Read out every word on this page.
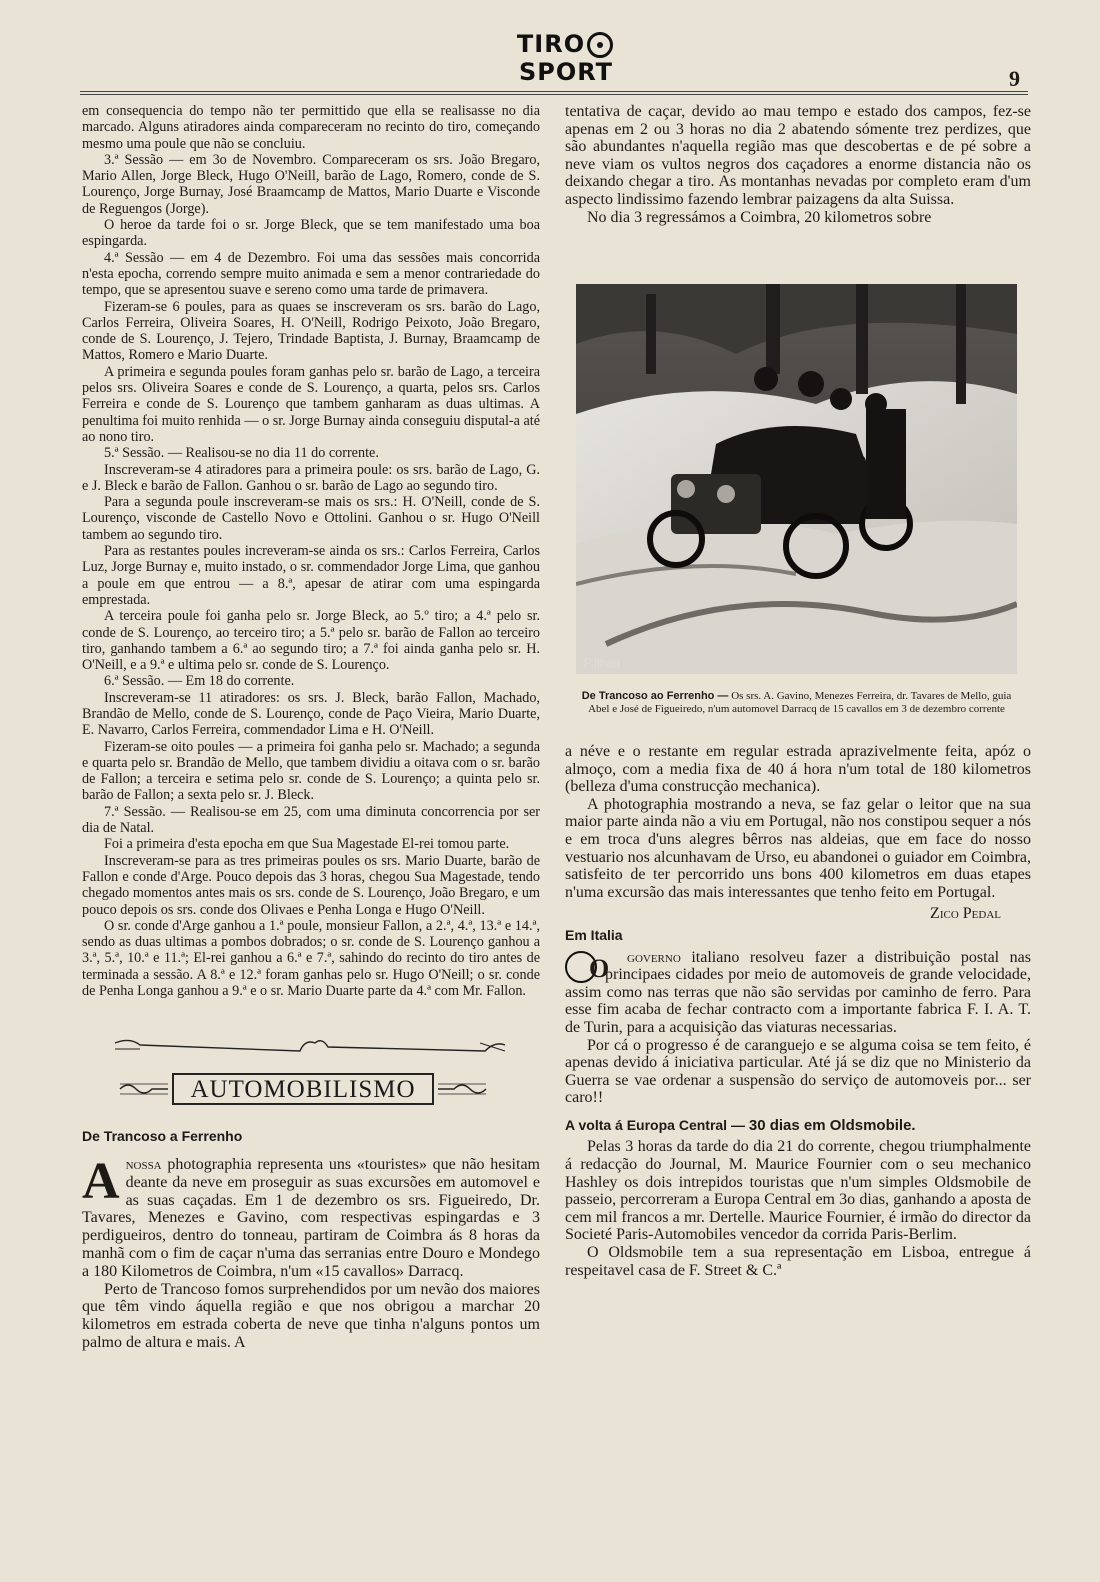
TIROSPORT	9

em consequencia do tempo não ter permittido que ella se realisasse no dia marcado. Alguns atiradores ainda compareceram no recinto do tiro, começando mesmo uma poule que não se concluiu.

3.ª Sessão — em 3o de Novembro. Compareceram os srs. João Bregaro, Mario Allen, Jorge Bleck, Hugo O'Neill, barão de Lago, Romero, conde de S. Lourenço, Jorge Burnay, José Braamcamp de Mattos, Mario Duarte e Visconde de Reguengos (Jorge).

O heroe da tarde foi o sr. Jorge Bleck, que se tem manifestado uma boa espingarda.

4.ª Sessão — em 4 de Dezembro. Foi uma das sessões mais concorrida n'esta epocha, correndo sempre muito animada e sem a menor contrariedade do tempo, que se apresentou suave e sereno como uma tarde de primavera.

Fizeram-se 6 poules, para as quaes se inscreveram os srs. barão do Lago, Carlos Ferreira, Oliveira Soares, H. O'Neill, Rodrigo Peixoto, João Bregaro, conde de S. Lourenço, J. Tejero, Trindade Baptista, J. Burnay, Braamcamp de Mattos, Romero e Mario Duarte.

A primeira e segunda poules foram ganhas pelo sr. barão de Lago, a terceira pelos srs. Oliveira Soares e conde de S. Lourenço, a quarta, pelos srs. Carlos Ferreira e conde de S. Lourenço que tambem ganharam as duas ultimas. A penultima foi muito renhida — o sr. Jorge Burnay ainda conseguiu disputal-a até ao nono tiro.

5.ª Sessão. — Realisou-se no dia 11 do corrente.

Inscreveram-se 4 atiradores para a primeira poule: os srs. barão de Lago, G. e J. Bleck e barão de Fallon. Ganhou o sr. barão de Lago ao segundo tiro.

Para a segunda poule inscreveram-se mais os srs.: H. O'Neill, conde de S. Lourenço, visconde de Castello Novo e Ottolini. Ganhou o sr. Hugo O'Neill tambem ao segundo tiro.

Para as restantes poules increveram-se ainda os srs.: Carlos Ferreira, Carlos Luz, Jorge Burnay e, muito instado, o sr. commendador Jorge Lima, que ganhou a poule em que entrou — a 8.ª, apesar de atirar com uma espingarda emprestada.

A terceira poule foi ganha pelo sr. Jorge Bleck, ao 5.º tiro; a 4.ª pelo sr. conde de S. Lourenço, ao terceiro tiro; a 5.ª pelo sr. barão de Fallon ao terceiro tiro, ganhando tambem a 6.ª ao segundo tiro; a 7.ª foi ainda ganha pelo sr. H. O'Neill, e a 9.ª e ultima pelo sr. conde de S. Lourenço.

6.ª Sessão. — Em 18 do corrente.

Inscreveram-se 11 atiradores: os srs. J. Bleck, barão Fallon, Machado, Brandão de Mello, conde de S. Lourenço, conde de Paço Vieira, Mario Duarte, E. Navarro, Carlos Ferreira, commendador Lima e H. O'Neill.

Fizeram-se oito poules — a primeira foi ganha pelo sr. Machado; a segunda e quarta pelo sr. Brandão de Mello, que tambem dividiu a oitava com o sr. barão de Fallon; a terceira e setima pelo sr. conde de S. Lourenço; a quinta pelo sr. barão de Fallon; a sexta pelo sr. J. Bleck.

7.ª Sessão. — Realisou-se em 25, com uma diminuta concorrencia por ser dia de Natal.

Foi a primeira d'esta epocha em que Sua Magestade El-rei tomou parte.

Inscreveram-se para as tres primeiras poules os srs. Mario Duarte, barão de Fallon e conde d'Arge. Pouco depois das 3 horas, chegou Sua Magestade, tendo chegado momentos antes mais os srs. conde de S. Lourenço, João Bregaro, e um pouco depois os srs. conde dos Olivaes e Penha Longa e Hugo O'Neill.

O sr. conde d'Arge ganhou a 1.ª poule, monsieur Fallon, a 2.ª, 4.ª, 13.ª e 14.ª, sendo as duas ultimas a pombos dobrados; o sr. conde de S. Lourenço ganhou a 3.ª, 5.ª, 10.ª e 11.ª; El-rei ganhou a 6.ª e 7.ª, sahindo do recinto do tiro antes de terminada a sessão. A 8.ª e 12.ª foram ganhas pelo sr. Hugo O'Neill; o sr. conde de Penha Longa ganhou a 9.ª e o sr. Mario Duarte parte da 4.ª com Mr. Fallon.

AUTOMOBILISMO
De Trancoso a Ferrenho

Anossa photographia representa uns «touristes» que não hesitam deante da neve em proseguir as suas excursões em automovel e as suas caçadas. Em 1 de dezembro os srs. Figueiredo, Dr. Tavares, Menezes e Gavino, com respectivas espingardas e 3 perdigueiros, dentro do tonneau, partiram de Coimbra ás 8 horas da manhã com o fim de caçar n'uma das serranias entre Douro e Mondego a 180 Kilometros de Coimbra, n'um «15 cavallos» Darracq.

Perto de Trancoso fomos surprehendidos por um nevão dos maiores que têm vindo áquella região e que nos obrigou a marchar 20 kilometros em estrada coberta de neve que tinha n'alguns pontos um palmo de altura e mais. A

tentativa de caçar, devido ao mau tempo e estado dos campos, fez-se apenas em 2 ou 3 horas no dia 2 abatendo sómente trez perdizes, que são abundantes n'aquella região mas que descobertas e de pé sobre a neve viam os vultos negros dos caçadores a enorme distancia não os deixando chegar a tiro. As montanhas nevadas por completo eram d'um aspecto lindissimo fazendo lembrar paizagens da alta Suissa.

No dia 3 regressámos a Coimbra, 20 kilometros sobre

P.Ilhan
De Trancoso ao Ferrenho — Os srs. A. Gavino, Menezes Ferreira, dr. Tavares de Mello, guia Abel e José de Figueiredo, n'um automovel Darracq de 15 cavallos em 3 de dezembro corrente

a néve e o restante em regular estrada aprazivelmente feita, apóz o almoço, com a media fixa de 40 á hora n'um total de 180 kilometros (belleza d'uma construcção mechanica).

A photographia mostrando a neva, se faz gelar o leitor que na sua maior parte ainda não a viu em Portugal, não nos constipou sequer a nós e em troca d'uns alegres bêrros nas aldeias, que em face do nosso vestuario nos alcunhavam de Urso, eu abandonei o guiador em Coimbra, satisfeito de ter percorrido uns bons 400 kilometros em duas etapes n'uma excursão das mais interessantes que tenho feito em Portugal.

Zico Pedal

Em Italia

O governo italiano resolveu fazer a distribuição postal nas principaes cidades por meio de automoveis de grande velocidade, assim como nas terras que não são servidas por caminho de ferro. Para esse fim acaba de fechar contracto com a importante fabrica F. I. A. T. de Turin, para a acquisição das viaturas necessarias.

Por cá o progresso é de caranguejo e se alguma coisa se tem feito, é apenas devido á iniciativa particular. Até já se diz que no Ministerio da Guerra se vae ordenar a suspensão do serviço de automoveis por... ser caro!!

A volta á Europa Central — 30 dias em Oldsmobile.

Pelas 3 horas da tarde do dia 21 do corrente, chegou triumphalmente á redacção do Journal, M. Maurice Fournier com o seu mechanico Hashley os dois intrepidos touristas que n'um simples Oldsmobile de passeio, percorreram a Europa Central em 3o dias, ganhando a aposta de cem mil francos a mr. Dertelle. Maurice Fournier, é irmão do director da Societé Paris-Automobiles vencedor da corrida Paris-Berlim.

O Oldsmobile tem a sua representação em Lisboa, entregue á respeitavel casa de F. Street & C.ª
